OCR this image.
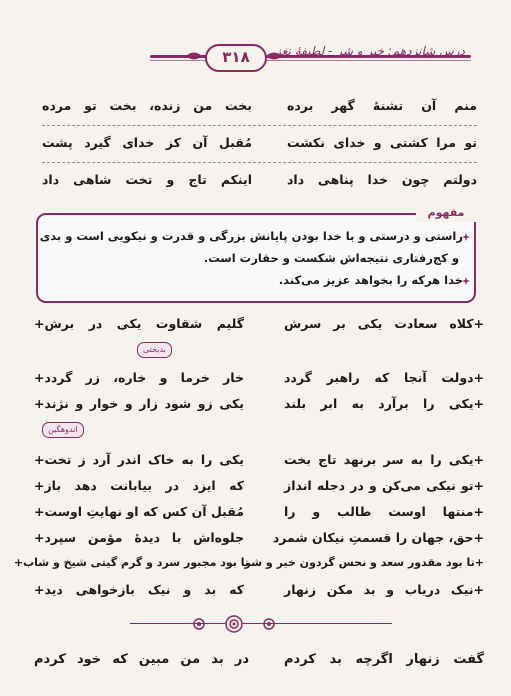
۳۱۸	درس شانزدهم: خیر و شر - لطیفهٔ نغز
منم آن تشنهٔ گهر برده
بخت من زنده، بخت تو مرده
تو مرا کشتی و خدای نکشت
مُقبل آن کز خدای گیرد پشت
دولتم چون خدا پناهی داد
اینکم تاج و تخت شاهی داد
مفهوم
راستی و درستی و با خدا بودن پایانش بزرگی و قدرت و نیکویی است و بدی
و کج‌رفتاری نتیجه‌اش شکست و حقارت است.
خدا هرکه را بخواهد عزیز می‌کند.
+کلاه سعادت یکی بر سرش
گلیم شقاوت یکی در برش+
بدبختی
+دولت آنجا که راهبر گردد
خار خرما و خاره، زر گردد+
+یکی را برآرد به ابر بلند
یکی زو شود زار و خوار و نژند+
اندوهگین
+یکی را به سر برنهد تاج بخت
یکی را به خاک اندر آرد ز تخت+
+تو نیکی می‌کن و در دجله انداز
که ایزد در بیابانت دهد باز+
+منتها اوست طالب و را
مُقبل آن کس که او نهایتِ اوست+
+حق، جهان را قسمتِ نیکان شمرد
جلوه‌اش با دیدهٔ مؤمن سپرد+
+تا بود مقدور سعد و نحس گردون خیر و شر
تا بود مجبور سرد و گرم گیتی شیخ و شاب+
+نیک دریاب و بد مکن زنهار
که بد و نیک بازخواهی دید+
گفت زنهار اگرچه بد کردم
در بد من مبین که خود کردم
